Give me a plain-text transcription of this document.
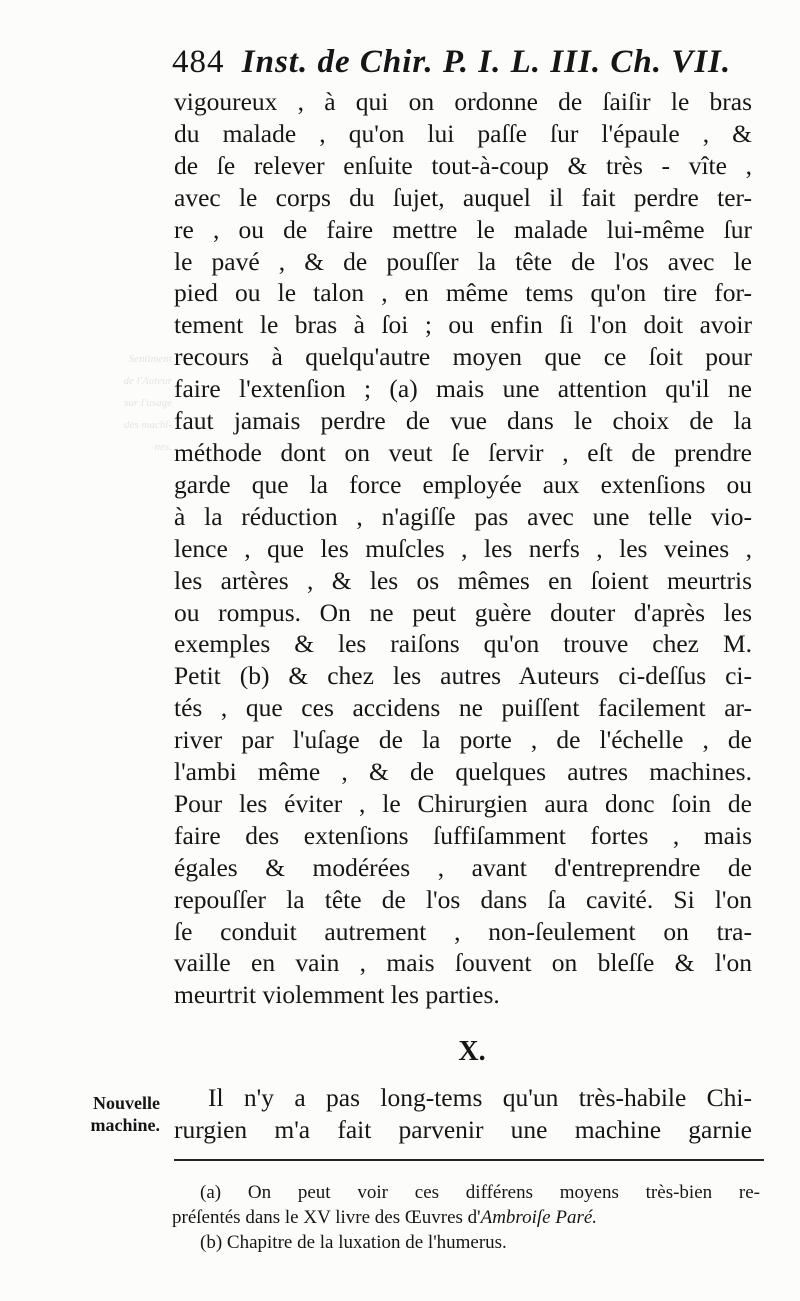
Sentiment
de l'Auteur
sur l'usage
des machi-
nes.
484 Inst. de Chir. P. I. L. III. Ch. VII.
vigoureux , à qui on ordonne de ſaiſir le bras
du malade , qu'on lui paſſe ſur l'épaule , &
de ſe relever enſuite tout-à-coup & très - vîte ,
avec le corps du ſujet, auquel il fait perdre ter-
re , ou de faire mettre le malade lui-même ſur
le pavé , & de pouſſer la tête de l'os avec le
pied ou le talon , en même tems qu'on tire for-
tement le bras à ſoi ; ou enfin ſi l'on doit avoir
recours à quelqu'autre moyen que ce ſoit pour
faire l'extenſion ; (a) mais une attention qu'il ne
faut jamais perdre de vue dans le choix de la
méthode dont on veut ſe ſervir , eſt de prendre
garde que la force employée aux extenſions ou
à la réduction , n'agiſſe pas avec une telle vio-
lence , que les muſcles , les nerfs , les veines ,
les artères , & les os mêmes en ſoient meurtris
ou rompus. On ne peut guère douter d'après les
exemples & les raiſons qu'on trouve chez M.
Petit (b) & chez les autres Auteurs ci-deſſus ci-
tés , que ces accidens ne puiſſent facilement ar-
river par l'uſage de la porte , de l'échelle , de
l'ambi même , & de quelques autres machines.
Pour les éviter , le Chirurgien aura donc ſoin de
faire des extenſions ſuffiſamment fortes , mais
égales & modérées , avant d'entreprendre de
repouſſer la tête de l'os dans ſa cavité. Si l'on
ſe conduit autrement , non-ſeulement on tra-
vaille en vain , mais ſouvent on bleſſe & l'on
meurtrit violemment les parties.
X.
Nouvelle
machine.
Il n'y a pas long-tems qu'un très-habile Chi-
rurgien m'a fait parvenir une machine garnie
(a) On peut voir ces différens moyens très-bien re-
préſentés dans le XV livre des Œuvres d'Ambroiſe Paré.
(b) Chapitre de la luxation de l'humerus.
